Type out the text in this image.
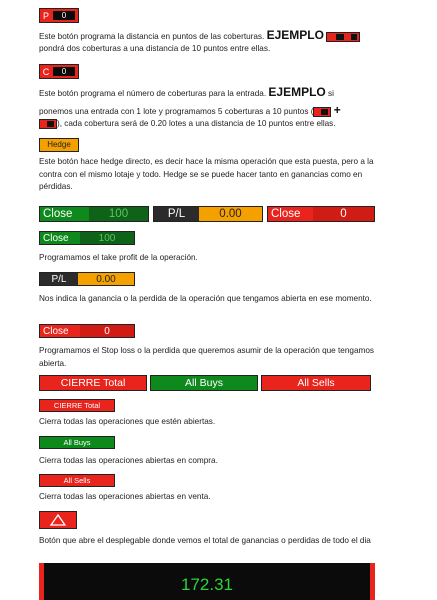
P	0
Este botón programa la distancia en puntos de las coberturas. EJEMPLO
pondrá dos coberturas a una distancia de 10 puntos entre ellas.
C	0
Este botón programa el número de coberturas para la entrada. EJEMPLO si
ponemos una entrada con 1 lote y programamos 5 coberturas a 10 puntos ( +
), cada cobertura será de 0.20 lotes a una distancia de 10 puntos entre ellas.
Hedge
Este botón hace hedge directo, es decir hace la misma operación que esta puesta, pero a la contra con el mismo lotaje y todo. Hedge se se puede hacer tanto en ganancias como en pérdidas.
Close	100	P/L	0.00	Close	0
Close	100
Programamos el take profit de la operación.
P/L	0.00
Nos indica la ganancia o la perdida de la operación que tengamos abierta en ese momento.
Close	0
Programamos el Stop loss o la perdida que queremos asumir de la operación que tengamos abierta.
CIERRE Total	All Buys	All Sells
CIERRE Total
Cierra todas las operaciones que estén abiertas.
All Buys
Cierra todas las operaciones abiertas en compra.
All Sells
Cierra todas las operaciones abiertas en venta.
Botón que abre el desplegable donde vemos el total de ganancias o perdidas de todo el dia
172.31
